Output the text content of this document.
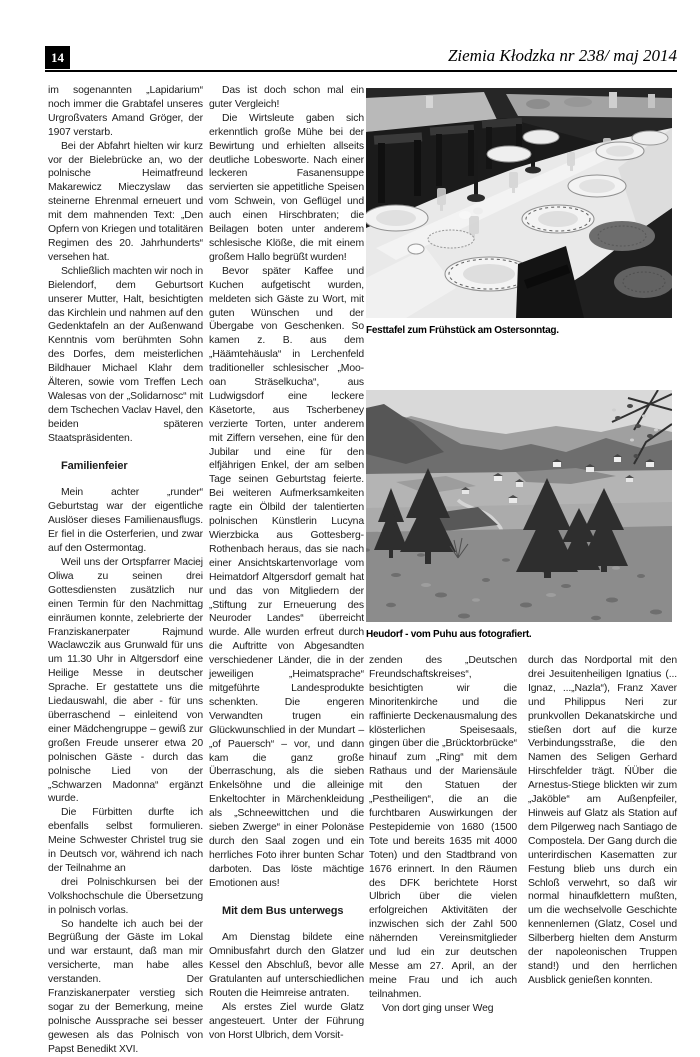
14	Ziemia Kłodzka nr 238/ maj 2014

im sogenannten „Lapidarium“ noch immer die Grabtafel unseres Urgroßvaters Amand Gröger, der 1907 verstarb.

Bei der Abfahrt hielten wir kurz vor der Bielebrücke an, wo der polnische Heimatfreund Makarewicz Mieczyslaw das steinerne Ehrenmal erneuert und mit dem mahnenden Text: „Den Opfern von Kriegen und totalitären Regimen des 20. Jahrhunderts“ versehen hat.

Schließlich machten wir noch in Bielendorf, dem Geburtsort unserer Mutter, Halt, besichtigten das Kirchlein und nahmen auf den Gedenktafeln an der Außenwand Kenntnis vom berühmten Sohn des Dorfes, dem meisterlichen Bildhauer Michael Klahr dem Älteren, sowie vom Treffen Lech Walesas von der „Solidarnosc“ mit dem Tschechen Vaclav Havel, den beiden späteren Staatspräsidenten.

Familienfeier

Mein achter „runder“ Geburtstag war der eigentliche Auslöser dieses Familienausflugs. Er fiel in die Osterferien, und zwar auf den Ostermontag.

Weil uns der Ortspfarrer Maciej Oliwa zu seinen drei Gottesdiensten zusätzlich nur einen Termin für den Nachmittag einräumen konnte, zelebrierte der Franziskanerpater Rajmund Waclawczik aus Grunwald für uns um 11.30 Uhr in Altgersdorf eine Heilige Messe in deutscher Sprache. Er gestattete uns die Liedauswahl, die aber - für uns überraschend – einleitend von einer Mädchengruppe – gewiß zur großen Freude unserer etwa 20 polnischen Gäste - durch das polnische Lied von der „Schwarzen Madonna“ ergänzt wurde.

Die Fürbitten durfte ich ebenfalls selbst formulieren. Meine Schwester Christel trug sie in Deutsch vor, während ich nach der Teilnahme an

drei Polnischkursen bei der Volkshochschule die Übersetzung in polnisch vorlas.

So handelte ich auch bei der Begrüßung der Gäste im Lokal und war erstaunt, daß man mir versicherte, man habe alles verstanden. Der Franziskanerpater verstieg sich sogar zu der Bemerkung, meine polnische Aussprache sei besser gewesen als das Polnisch von Papst Benedikt XVI.

Das ist doch schon mal ein guter Vergleich!

Die Wirtsleute gaben sich erkenntlich große Mühe bei der Bewirtung und erhielten allseits deutliche Lobesworte. Nach einer leckeren Fasanensuppe servierten sie appetitliche Speisen vom Schwein, von Geflügel und auch einen Hirschbraten; die Beilagen boten unter anderem schlesische Klöße, die mit einem großem Hallo begrüßt wurden!

Bevor später Kaffee und Kuchen aufgetischt wurden, meldeten sich Gäste zu Wort, mit guten Wünschen und der Übergabe von Geschenken. So kamen z. B. aus dem „Häämtehäusla“ in Lerchenfeld traditioneller schlesischer „Moo- oan Sträselkucha“, aus Ludwigsdorf eine leckere Käsetorte, aus Tscherbeney verzierte Torten, unter anderem mit Ziffern versehen, eine für den Jubilar und eine für den elfjährigen Enkel, der am selben Tage seinen Geburtstag feierte. Bei weiteren Aufmerksamkeiten ragte ein Ölbild der talentierten polnischen Künstlerin Lucyna Wierzbicka aus Gottesberg-Rothenbach heraus, das sie nach einer Ansichtskartenvorlage vom Heimatdorf Altgersdorf gemalt hat und das von Mitgliedern der „Stiftung zur Erneuerung des Neuroder Landes“ überreicht wurde. Alle wurden erfreut durch die Auftritte von Abgesandten verschiedener Länder, die in der jeweiligen „Heimatsprache“ mitgeführte Landesprodukte schenkten. Die engeren Verwandten trugen ein Glückwunschlied in der Mundart – „of Pauersch“ – vor, und dann kam die ganz große Überraschung, als die sieben Enkelsöhne und die alleinige Enkeltochter in Märchenkleidung als „Schneewittchen und die sieben Zwerge“ in einer Polonäse durch den Saal zogen und ein herrliches Foto ihrer bunten Schar darboten. Das löste mächtige Emotionen aus!

Mit dem Bus unterwegs

Am Dienstag bildete eine Omnibusfahrt durch den Glatzer Kessel den Abschluß, bevor alle Gratulanten auf unterschiedlichen Routen die Heimreise antraten.

Als erstes Ziel wurde Glatz angesteuert. Unter der Führung von Horst Ulbrich, dem Vorsit-

Festtafel zum Frühstück am Ostersonntag.
Heudorf - vom Puhu aus fotografiert.

zenden des „Deutschen Freundschaftskreises“, besichtigten wir die Minoritenkirche und die raffinierte Deckenausmalung des klösterlichen Speisesaals, gingen über die „Brücktorbrücke“ hinauf zum „Ring“ mit dem Rathaus und der Mariensäule mit den Statuen der „Pestheiligen“, die an die furchtbaren Auswirkungen der Pestepidemie von 1680 (1500 Tote und bereits 1635 mit 4000 Toten) und den Stadtbrand von 1676 erinnert. In den Räumen des DFK berichtete Horst Ulbrich über die vielen erfolgreichen Aktivitäten der inzwischen sich der Zahl 500 nähernden Vereinsmitglieder und lud ein zur deutschen Messe am 27. April, an der meine Frau und ich auch teilnahmen.

Von dort ging unser Weg

durch das Nordportal mit den drei Jesuitenheiligen Ignatius (... Ignaz, ...„Nazla“), Franz Xaver und Philippus Neri zur prunkvollen Dekanatskirche und stießen dort auf die kurze Verbindungsstraße, die den Namen des Seligen Gerhard Hirschfelder trägt. ŃÜber die Arnestus-Stiege blickten wir zum „Jaköble“ am Außenpfeiler, Hinweis auf Glatz als Station auf dem Pilgerweg nach Santiago de Compostela. Der Gang durch die unterirdischen Kasematten zur Festung blieb uns durch ein Schloß verwehrt, so daß wir normal hinaufklettern mußten, um die wechselvolle Geschichte kennenlernen (Glatz, Cosel und Silberberg hielten dem Ansturm der napoleonischen Truppen stand!) und den herrlichen Ausblick genießen konnten.
